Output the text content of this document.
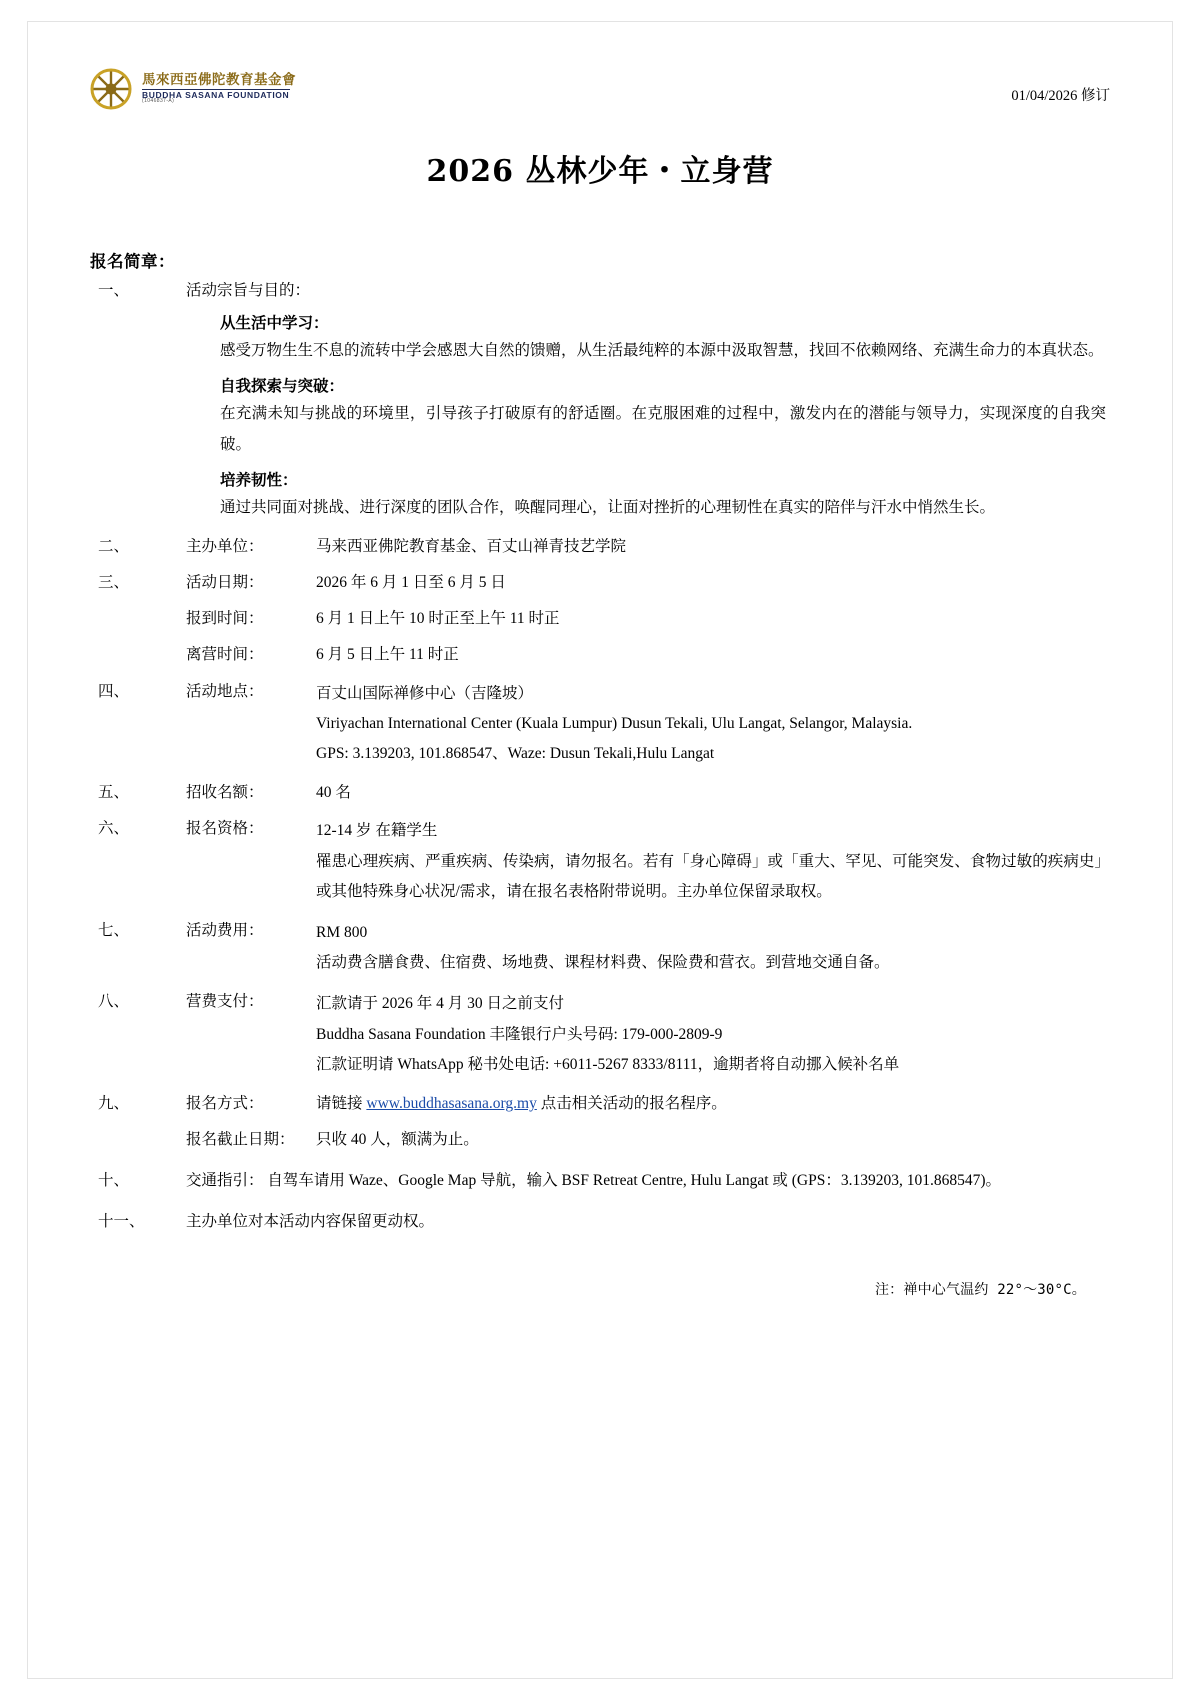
馬來西亞佛陀教育基金會
BUDDHA SASANA FOUNDATION
(1046837-A)	01/04/2026 修订
2026 丛林少年・立身营
报名简章：
一、	活动宗旨与目的：
从生活中学习：
感受万物生生不息的流转中学会感恩大自然的馈赠，从生活最纯粹的本源中汲取智慧，找回不依赖网络、充满生命力的本真状态。
自我探索与突破：
在充满未知与挑战的环境里，引导孩子打破原有的舒适圈。在克服困难的过程中，激发内在的潜能与领导力，实现深度的自我突破。
培养韧性：
通过共同面对挑战、进行深度的团队合作，唤醒同理心，让面对挫折的心理韧性在真实的陪伴与汗水中悄然生长。
二、	主办单位：	马来西亚佛陀教育基金、百丈山禅青技艺学院
三、	活动日期：	2026 年 6 月 1 日至 6 月 5 日
报到时间：	6 月 1 日上午 10 时正至上午 11 时正
离营时间：	6 月 5 日上午 11 时正
四、	活动地点：	百丈山国际禅修中心（吉隆坡）
Viriyachan International Center (Kuala Lumpur) Dusun Tekali, Ulu Langat, Selangor, Malaysia.
GPS: 3.139203, 101.868547、Waze: Dusun Tekali,Hulu Langat
五、	招收名额：	40 名
六、	报名资格：	12-14 岁 在籍学生
罹患心理疾病、严重疾病、传染病，请勿报名。若有「身心障碍」或「重大、罕见、可能突发、食物过敏的疾病史」或其他特殊身心状况/需求，请在报名表格附带说明。主办单位保留录取权。
七、	活动费用：	RM 800
活动费含膳食费、住宿费、场地费、课程材料费、保险费和营衣。到营地交通自备。
八、	营费支付：	汇款请于 2026 年 4 月 30 日之前支付
Buddha Sasana Foundation 丰隆银行户头号码: 179-000-2809-9
汇款证明请 WhatsApp 秘书处电话: +6011-5267 8333/8111，逾期者将自动挪入候补名单
九、	报名方式：	请链接 www.buddhasasana.org.my 点击相关活动的报名程序。
报名截止日期：	只收 40 人，额满为止。
十、	交通指引： 自驾车请用 Waze、Google Map 导航，输入 BSF Retreat Centre, Hulu Langat 或 (GPS：3.139203, 101.868547)。
十一、	主办单位对本活动内容保留更动权。
注：禅中心气温约 22°～30°C。
